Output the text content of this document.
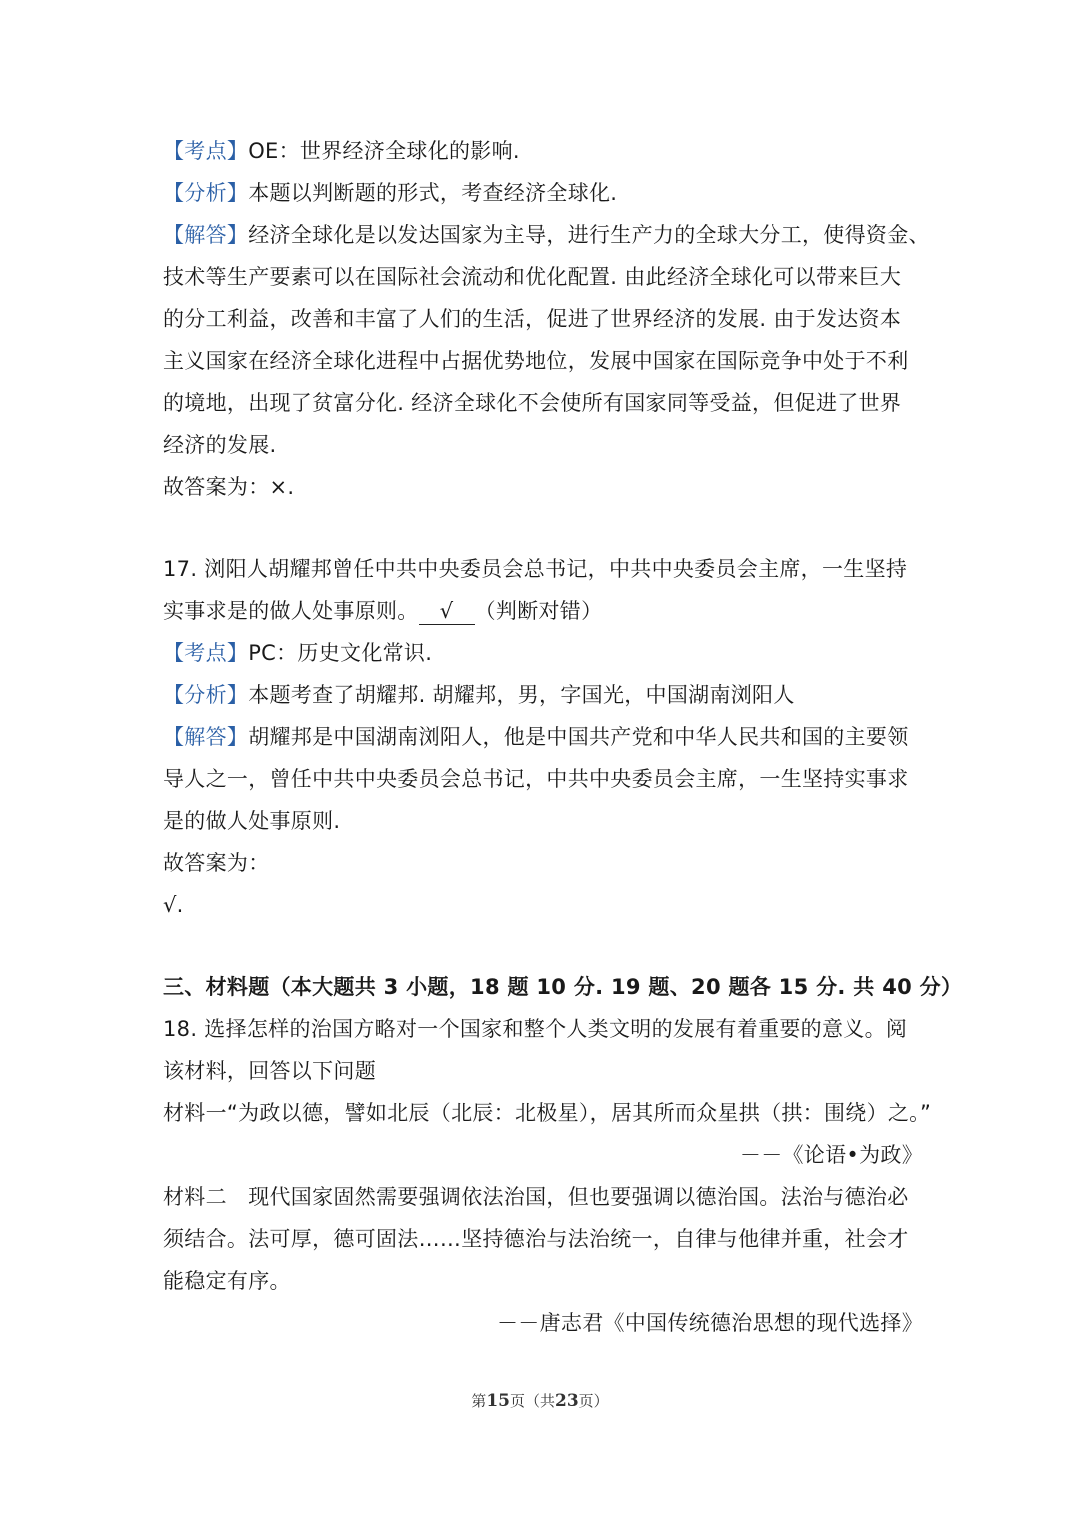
【考点】OE：世界经济全球化的影响.
【分析】本题以判断题的形式，考查经济全球化.
【解答】经济全球化是以发达国家为主导，进行生产力的全球大分工，使得资金、
技术等生产要素可以在国际社会流动和优化配置. 由此经济全球化可以带来巨大
的分工利益，改善和丰富了人们的生活，促进了世界经济的发展. 由于发达资本
主义国家在经济全球化进程中占据优势地位，发展中国家在国际竞争中处于不利
的境地，出现了贫富分化. 经济全球化不会使所有国家同等受益，但促进了世界
经济的发展.
故答案为：×.
17. 浏阳人胡耀邦曾任中共中央委员会总书记，中共中央委员会主席，一生坚持
实事求是的做人处事原则。 √ （判断对错）
【考点】PC：历史文化常识.
【分析】本题考查了胡耀邦. 胡耀邦，男，字国光，中国湖南浏阳人
【解答】胡耀邦是中国湖南浏阳人，他是中国共产党和中华人民共和国的主要领
导人之一，曾任中共中央委员会总书记，中共中央委员会主席，一生坚持实事求
是的做人处事原则.
故答案为：
√.
三、材料题（本大题共 3 小题，18 题 10 分. 19 题、20 题各 15 分. 共 40 分）
18. 选择怎样的治国方略对一个国家和整个人类文明的发展有着重要的意义。阅
该材料，回答以下问题
材料一“为政以德，譬如北辰（北辰：北极星），居其所而众星拱（拱：围绕）之。”
－－《论语•为政》
材料二　现代国家固然需要强调依法治国，但也要强调以德治国。法治与德治必
须结合。法可厚，德可固法……坚持德治与法治统一，自律与他律并重，社会才
能稳定有序。
－－唐志君《中国传统德治思想的现代选择》
第15页（共23页）
